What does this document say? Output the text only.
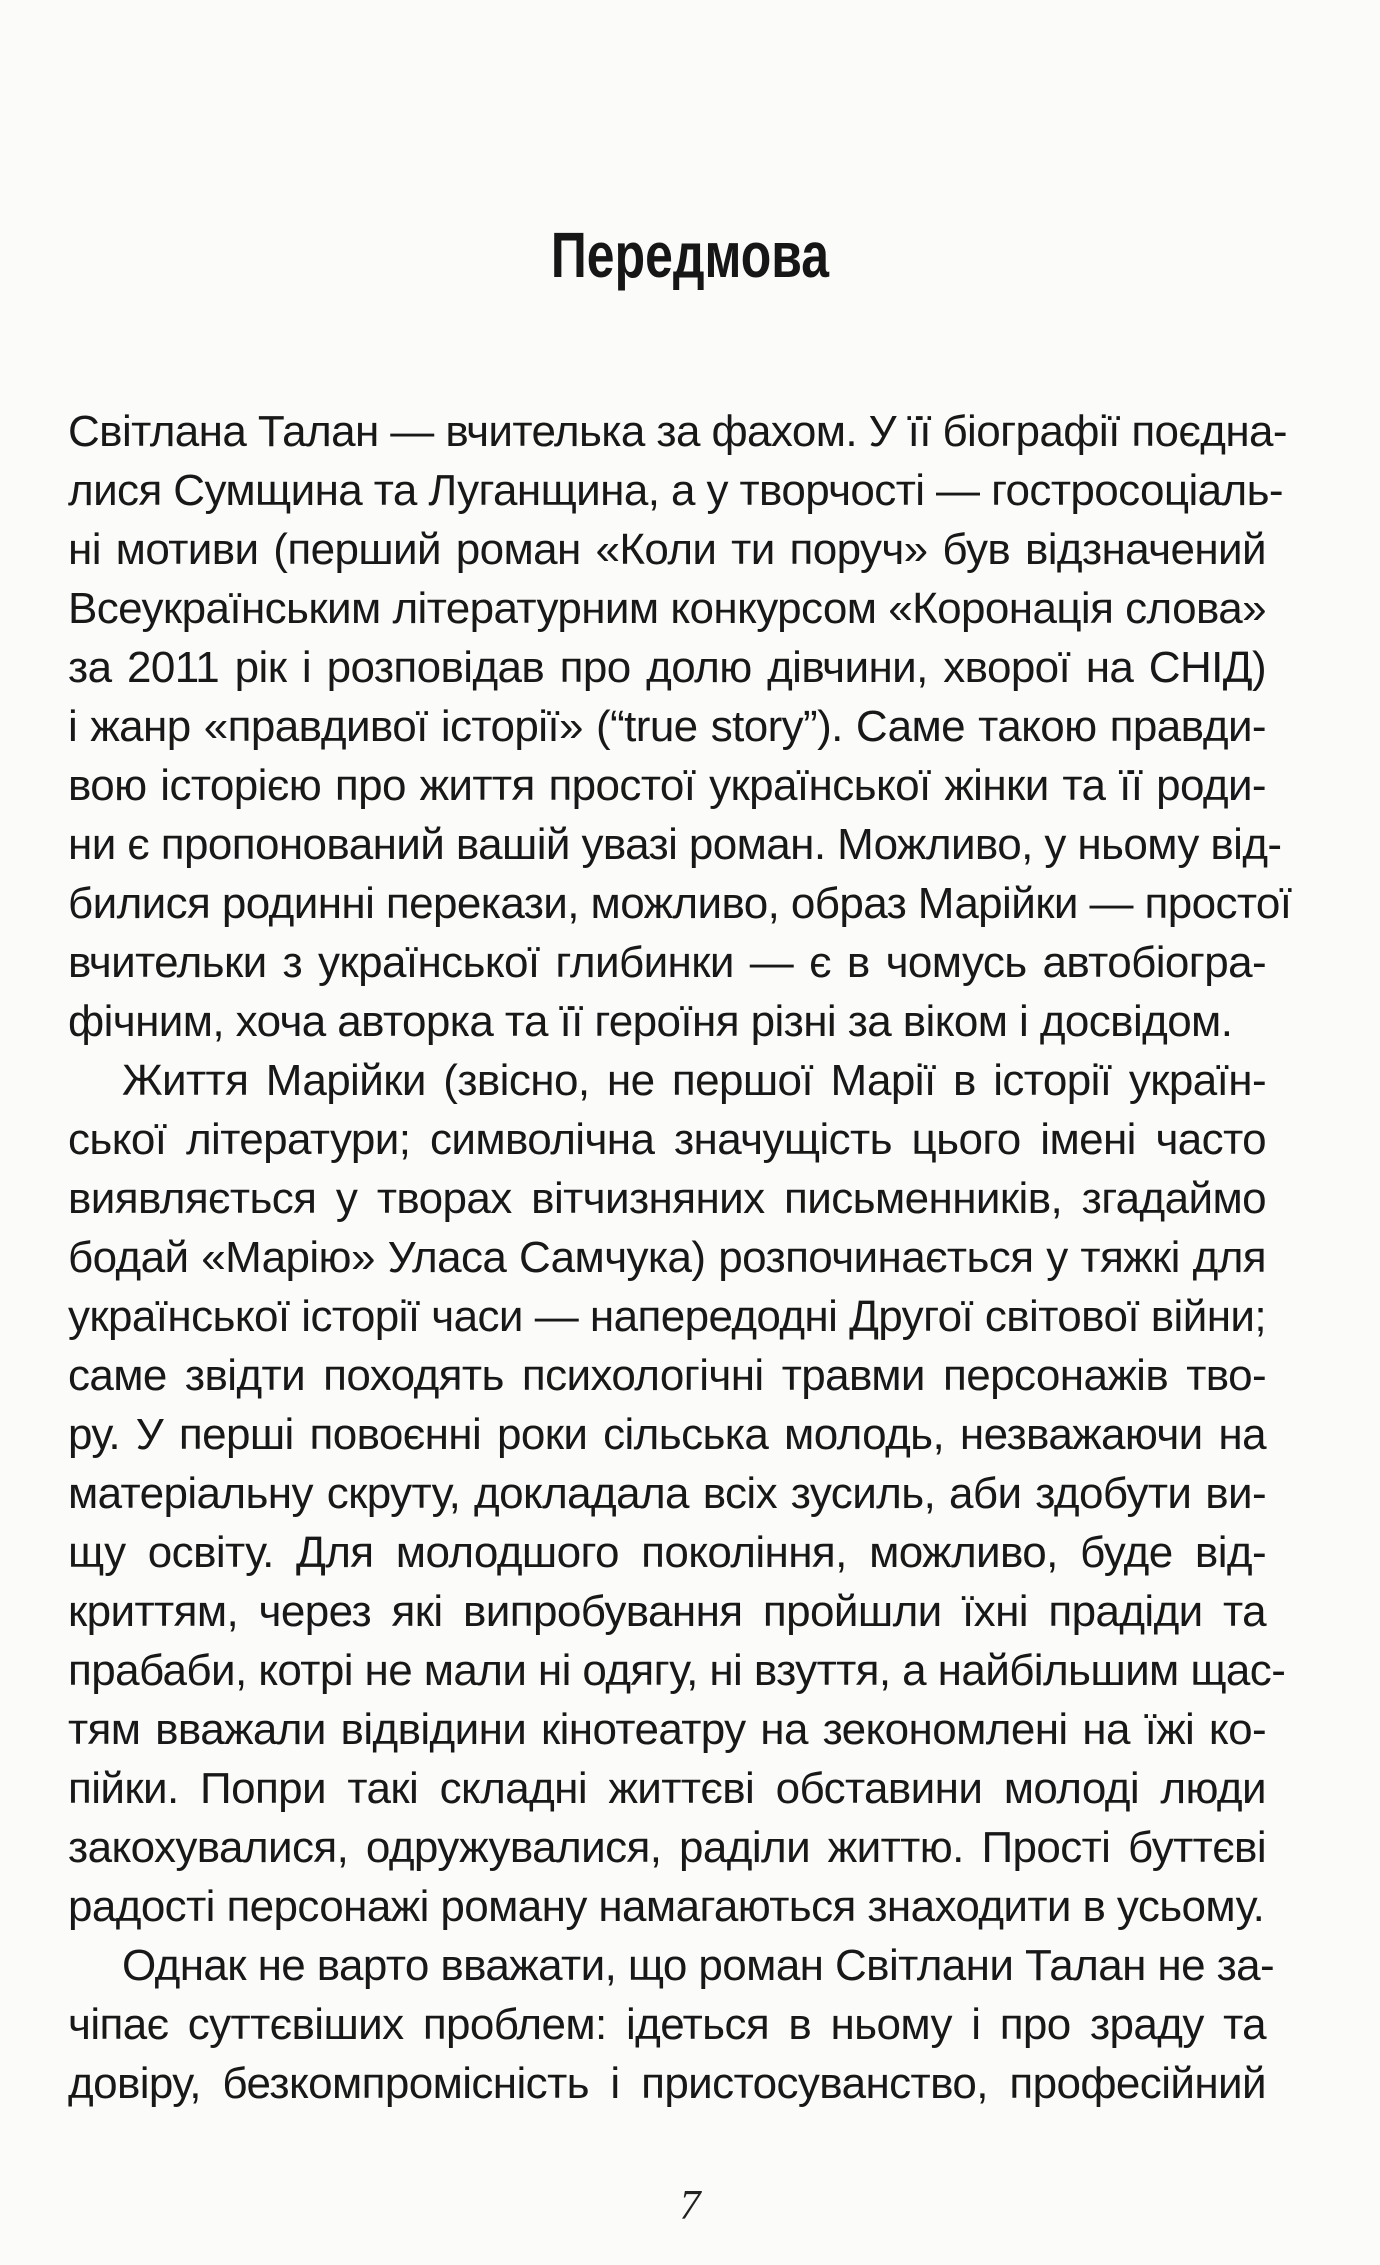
Передмова
Світлана Талан — вчителька за фахом. У її біографії поєдна-
лися Сумщина та Луганщина, а у творчості — гостросоціаль-
ні мотиви (перший роман «Коли ти поруч» був відзначений
Всеукраїнським літературним конкурсом «Коронація слова»
за 2011 рік і розповідав про долю дівчини, хворої на СНІД)
і жанр «правдивої історії» (“true story”). Саме такою правди-
вою історією про життя простої української жінки та її роди-
ни є пропонований вашій увазі роман. Можливо, у ньому від-
билися родинні перекази, можливо, образ Марійки — простої
вчительки з української глибинки — є в чомусь автобіогра-
фічним, хоча авторка та її героїня різні за віком і досвідом.
Життя Марійки (звісно, не першої Марії в історії україн-
ської літератури; символічна значущість цього імені часто
виявляється у творах вітчизняних письменників, згадаймо
бодай «Марію» Уласа Самчука) розпочинається у тяжкі для
української історії часи — напередодні Другої світової війни;
саме звідти походять психологічні травми персонажів тво-
ру. У перші повоєнні роки сільська молодь, незважаючи на
матеріальну скруту, докладала всіх зусиль, аби здобути ви-
щу освіту. Для молодшого покоління, можливо, буде від-
криттям, через які випробування пройшли їхні прадіди та
прабаби, котрі не мали ні одягу, ні взуття, а найбільшим щас-
тям вважали відвідини кінотеатру на зекономлені на їжі ко-
пійки. Попри такі складні життєві обставини молоді люди
закохувалися, одружувалися, раділи життю. Прості буттєві
радості персонажі роману намагаються знаходити в усьому.
Однак не варто вважати, що роман Світлани Талан не за-
чіпає суттєвіших проблем: ідеться в ньому і про зраду та
довіру, безкомпромісність і пристосуванство, професійний
7
